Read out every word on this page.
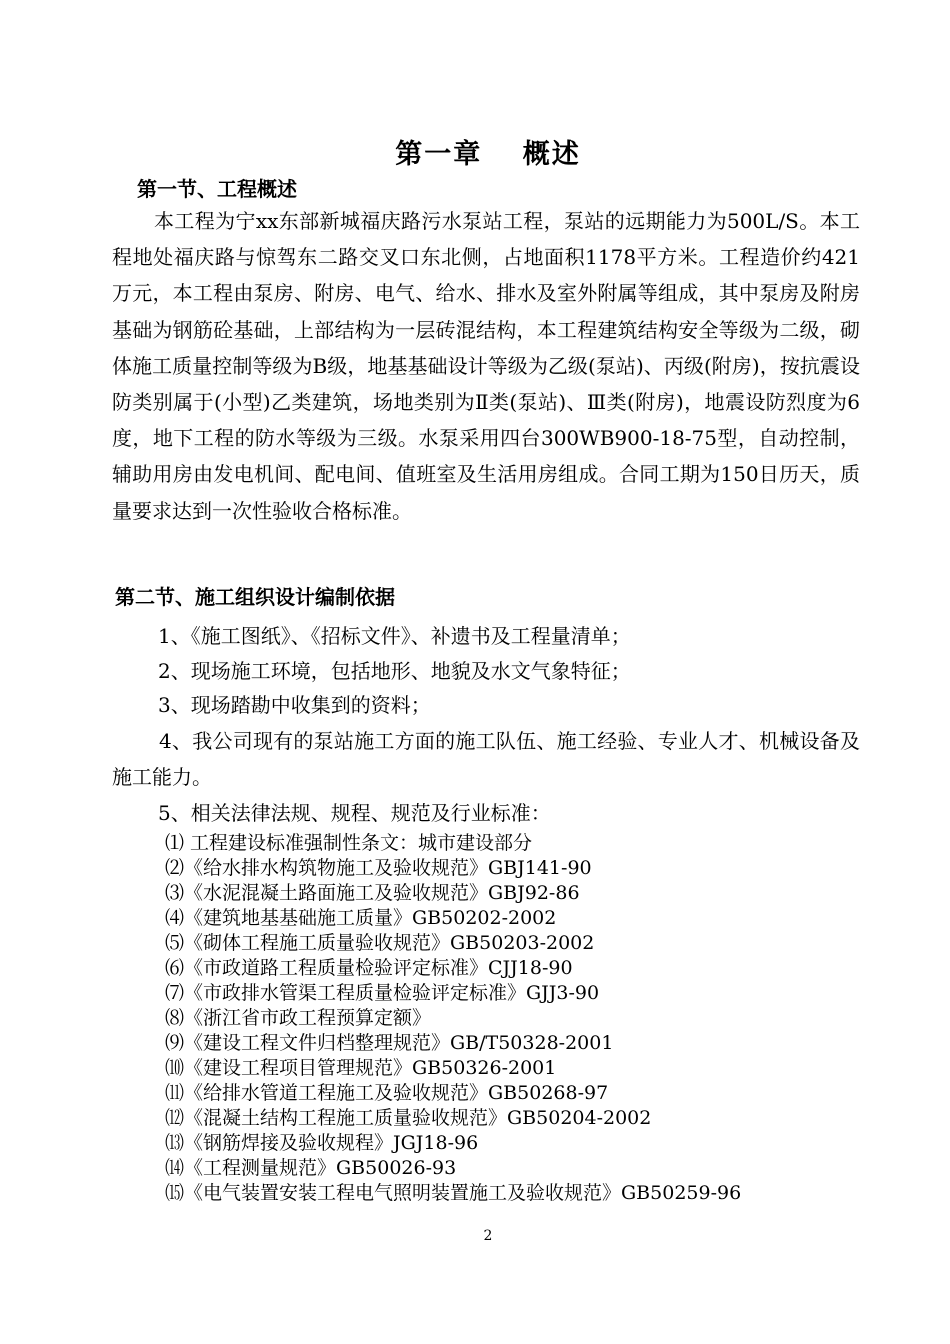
第一章　 概述
第一节、工程概述
本工程为宁xx东部新城福庆路污水泵站工程，泵站的远期能力为500L/S。本工程地处福庆路与惊驾东二路交叉口东北侧，占地面积1178平方米。工程造价约421万元，本工程由泵房、附房、电气、给水、排水及室外附属等组成，其中泵房及附房基础为钢筋砼基础，上部结构为一层砖混结构，本工程建筑结构安全等级为二级，砌体施工质量控制等级为B级，地基基础设计等级为乙级(泵站)、丙级(附房)，按抗震设防类别属于(小型)乙类建筑，场地类别为Ⅱ类(泵站)、Ⅲ类(附房)，地震设防烈度为6度，地下工程的防水等级为三级。水泵采用四台300WB900-18-75型，自动控制，辅助用房由发电机间、配电间、值班室及生活用房组成。合同工期为150日历天，质量要求达到一次性验收合格标准。
第二节、施工组织设计编制依据
1、《施工图纸》、《招标文件》、补遗书及工程量清单；
2、现场施工环境，包括地形、地貌及水文气象特征；
3、现场踏勘中收集到的资料；
4、我公司现有的泵站施工方面的施工队伍、施工经验、专业人才、机械设备及施工能力。
5、相关法律法规、规程、规范及行业标准：
⑴ 工程建设标准强制性条文：城市建设部分
⑵《给水排水构筑物施工及验收规范》GBJ141-90
⑶《水泥混凝土路面施工及验收规范》GBJ92-86
⑷《建筑地基基础施工质量》GB50202-2002
⑸《砌体工程施工质量验收规范》GB50203-2002
⑹《市政道路工程质量检验评定标准》CJJ18-90
⑺《市政排水管渠工程质量检验评定标准》GJJ3-90
⑻《浙江省市政工程预算定额》
⑼《建设工程文件归档整理规范》GB/T50328-2001
⑽《建设工程项目管理规范》GB50326-2001
⑾《给排水管道工程施工及验收规范》GB50268-97
⑿《混凝土结构工程施工质量验收规范》GB50204-2002
⒀《钢筋焊接及验收规程》JGJ18-96
⒁《工程测量规范》GB50026-93
⒂《电气装置安装工程电气照明装置施工及验收规范》GB50259-96
2
